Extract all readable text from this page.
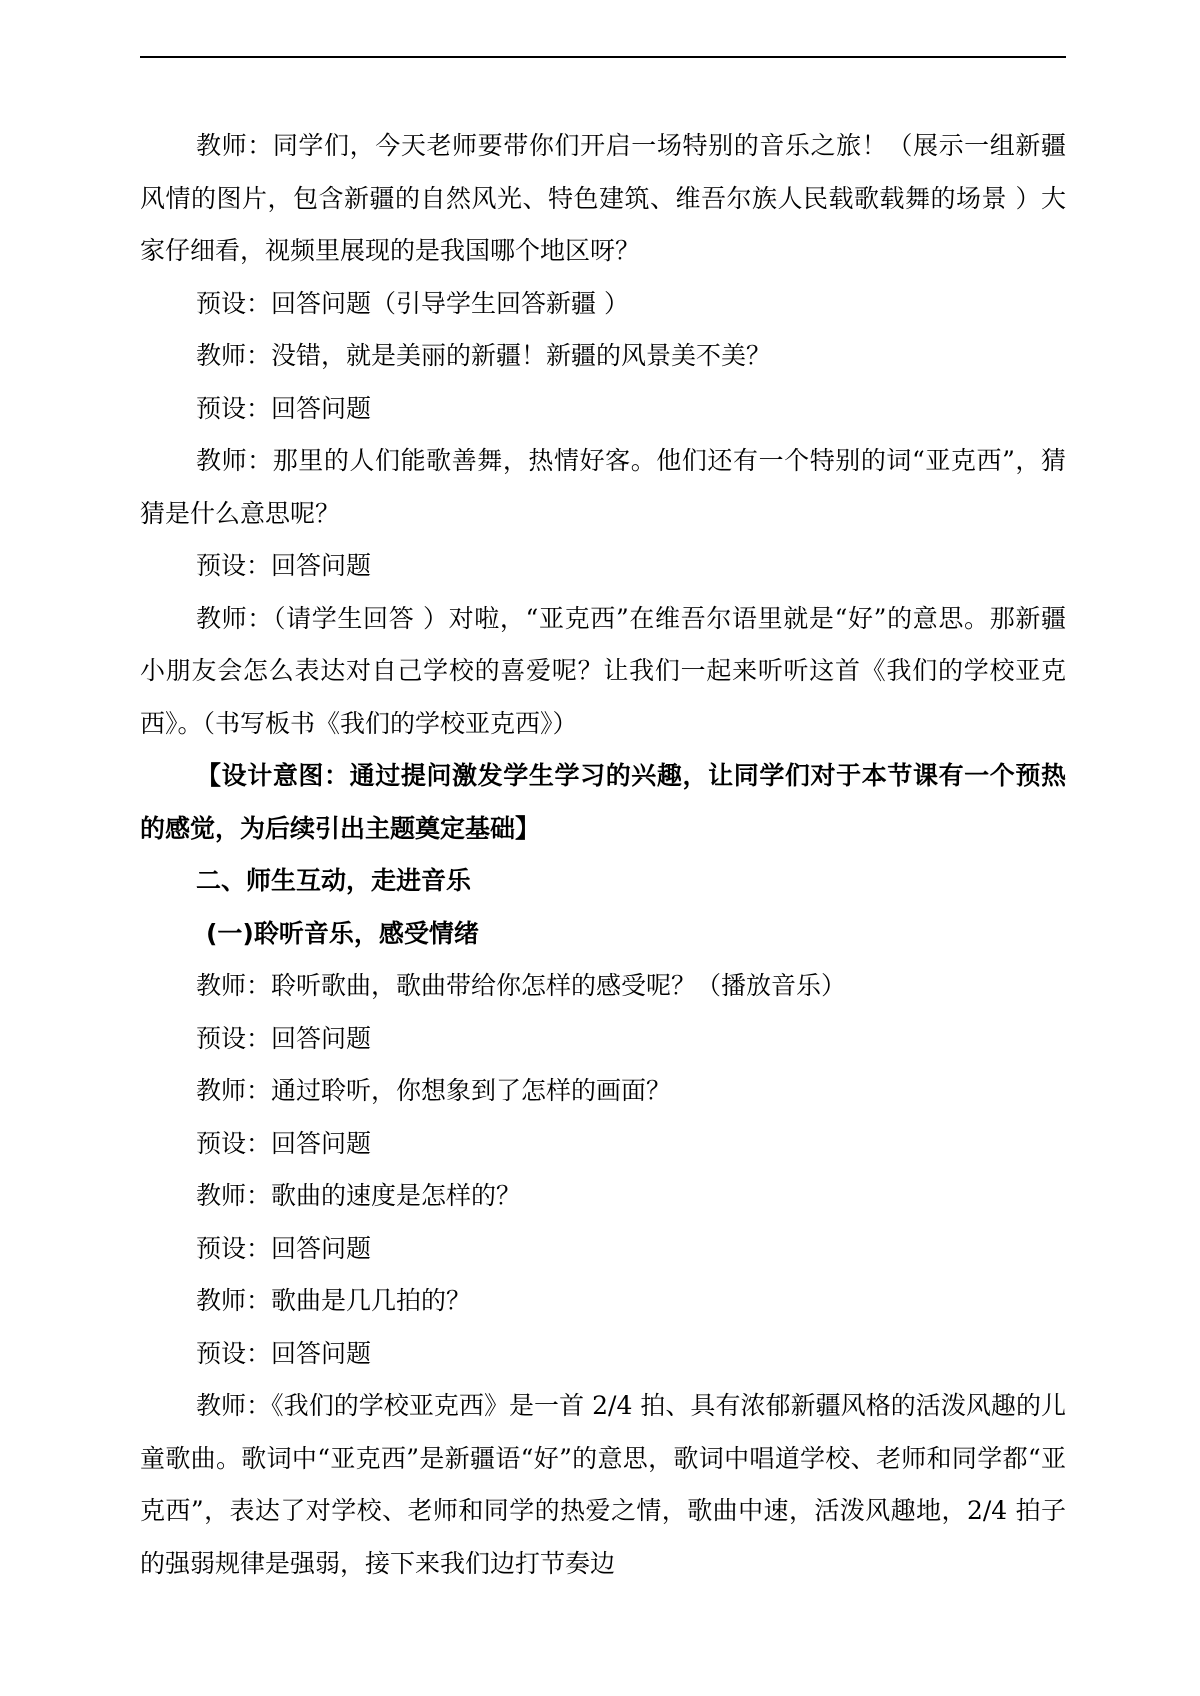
教师：同学们，今天老师要带你们开启一场特别的音乐之旅！（展示一组新疆风情的图片，包含新疆的自然风光、特色建筑、维吾尔族人民载歌载舞的场景 ）大家仔细看，视频里展现的是我国哪个地区呀？

预设：回答问题（引导学生回答新疆 ）

教师：没错，就是美丽的新疆！新疆的风景美不美？

预设：回答问题

教师：那里的人们能歌善舞，热情好客。他们还有一个特别的词“亚克西”，猜猜是什么意思呢？

预设：回答问题

教师：（请学生回答 ）对啦，“亚克西”在维吾尔语里就是“好”的意思。那新疆小朋友会怎么表达对自己学校的喜爱呢？让我们一起来听听这首《我们的学校亚克西》。（书写板书《我们的学校亚克西》）

【设计意图：通过提问激发学生学习的兴趣，让同学们对于本节课有一个预热的感觉，为后续引出主题奠定基础】

二、师生互动，走进音乐

(一)聆听音乐，感受情绪

教师：聆听歌曲，歌曲带给你怎样的感受呢？（播放音乐）

预设：回答问题

教师：通过聆听，你想象到了怎样的画面？

预设：回答问题

教师：歌曲的速度是怎样的？

预设：回答问题

教师：歌曲是几几拍的？

预设：回答问题

教师：《我们的学校亚克西》是一首 2/4 拍、具有浓郁新疆风格的活泼风趣的儿童歌曲。歌词中“亚克西”是新疆语“好”的意思，歌词中唱道学校、老师和同学都“亚克西”，表达了对学校、老师和同学的热爱之情，歌曲中速，活泼风趣地，2/4 拍子的强弱规律是强弱，接下来我们边打节奏边
